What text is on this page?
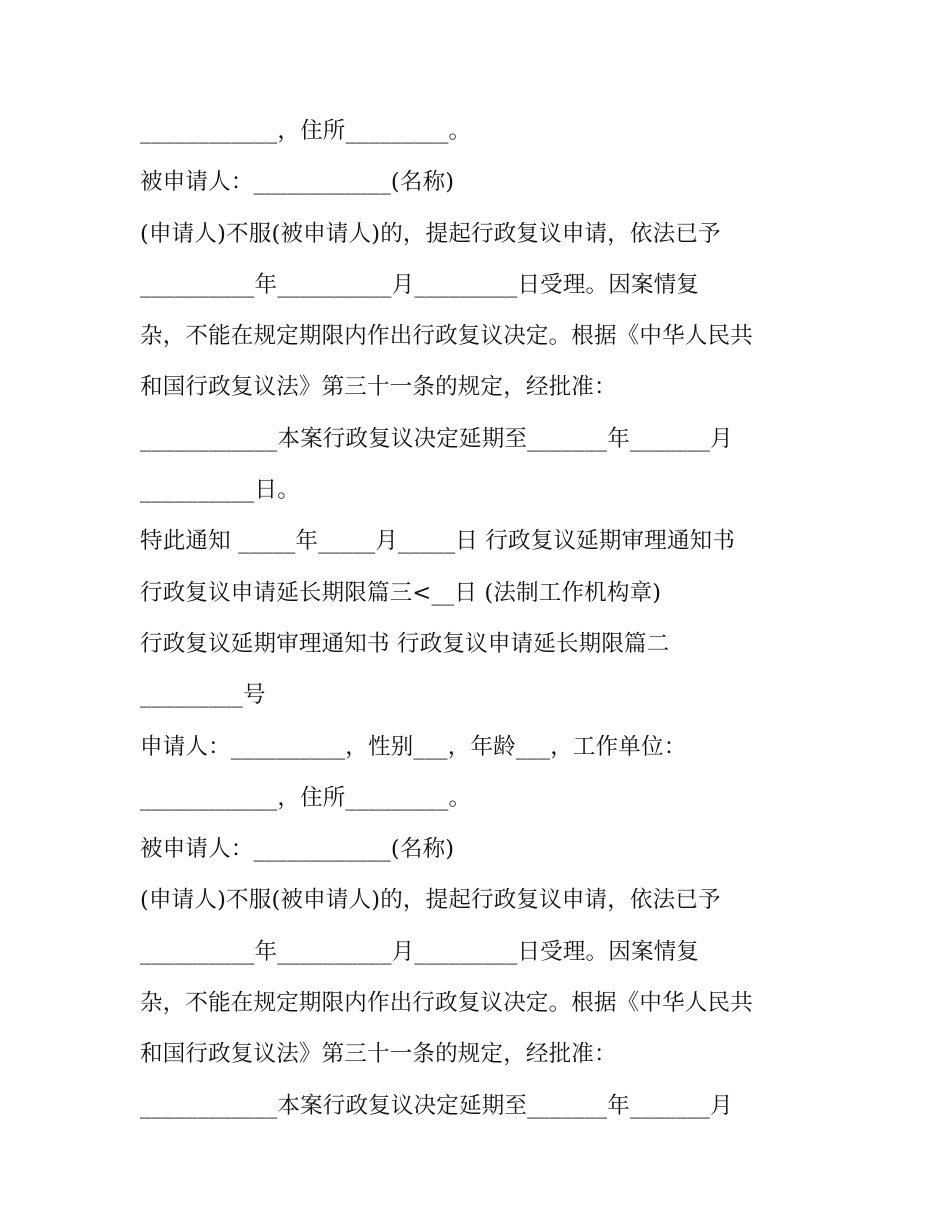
____________，住所_________。
被申请人：____________(名称)
(申请人)不服(被申请人)的，提起行政复议申请，依法已予
__________年__________月_________日受理。因案情复
杂，不能在规定期限内作出行政复议决定。根据《中华人民共
和国行政复议法》第三十一条的规定，经批准：
____________本案行政复议决定延期至_______年_______月
__________日。
特此通知 _____年_____月_____日 行政复议延期审理通知书
行政复议申请延长期限篇三<__日 (法制工作机构章)
行政复议延期审理通知书 行政复议申请延长期限篇二
_________号
申请人：__________，性别___，年龄___，工作单位：
____________，住所_________。
被申请人：____________(名称)
(申请人)不服(被申请人)的，提起行政复议申请，依法已予
__________年__________月_________日受理。因案情复
杂，不能在规定期限内作出行政复议决定。根据《中华人民共
和国行政复议法》第三十一条的规定，经批准：
____________本案行政复议决定延期至_______年_______月
